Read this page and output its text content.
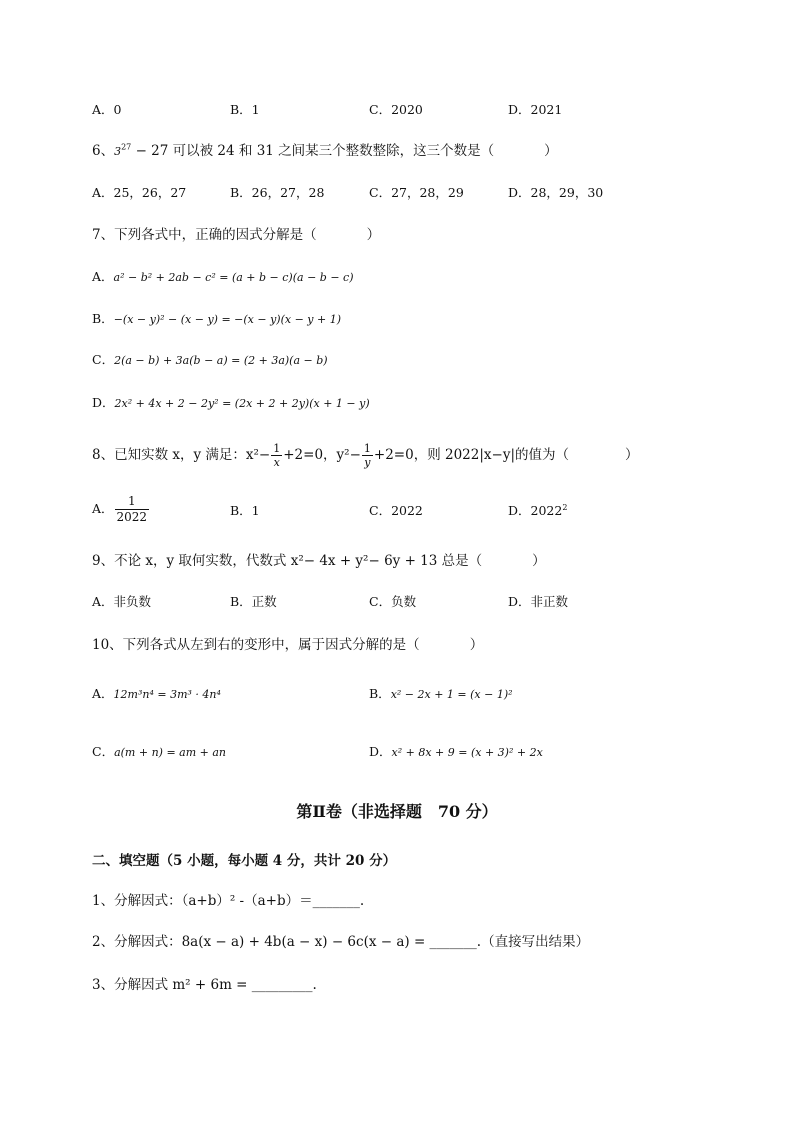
A．0	B．1	C．2020	D．2021
6、$3^{27} - 27$ 可以被 24 和 31 之间某三个整数整除，这三个数是（	）
A．25，26，27	B．26，27，28	C．27，28，29	D．28，29，30
7、下列各式中，正确的因式分解是（	）
A．a² − b² + 2ab − c² = (a + b − c)(a − b − c)
B．−(x − y)² − (x − y) = −(x − y)(x − y + 1)
C．2(a − b) + 3a(b − a) = (2 + 3a)(a − b)
D．2x² + 4x + 2 − 2y² = (2x + 2 + 2y)(x + 1 − y)
8、已知实数 x，y 满足：$x^2- \frac{1}{x} +2=0$，$y^2- \frac{1}{y} +2=0$，则 2022|x−y|的值为（	）
A． $\frac{1}{2022}$	B．1	C．2022	D．2022$^2$
9、不论 x，y 取何实数，代数式 x²− 4x + y²− 6y + 13 总是（	）
A．非负数	B．正数	C．负数	D．非正数
10、下列各式从左到右的变形中，属于因式分解的是（	）
A．12m³n⁴ = 3m³ · 4n⁴	B．x² − 2x + 1 = (x − 1)²
C．a(m + n) = am + an	D．x² + 8x + 9 = (x + 3)² + 2x
第Ⅱ卷（非选择题　70 分）
二、填空题（5 小题，每小题 4 分，共计 20 分）
1、分解因式：（a+b）² -（a+b）＝_______.
2、分解因式：8a(x − a) + 4b(a − x) − 6c(x − a) = _______.（直接写出结果）
3、分解因式 m² + 6m = _________.
